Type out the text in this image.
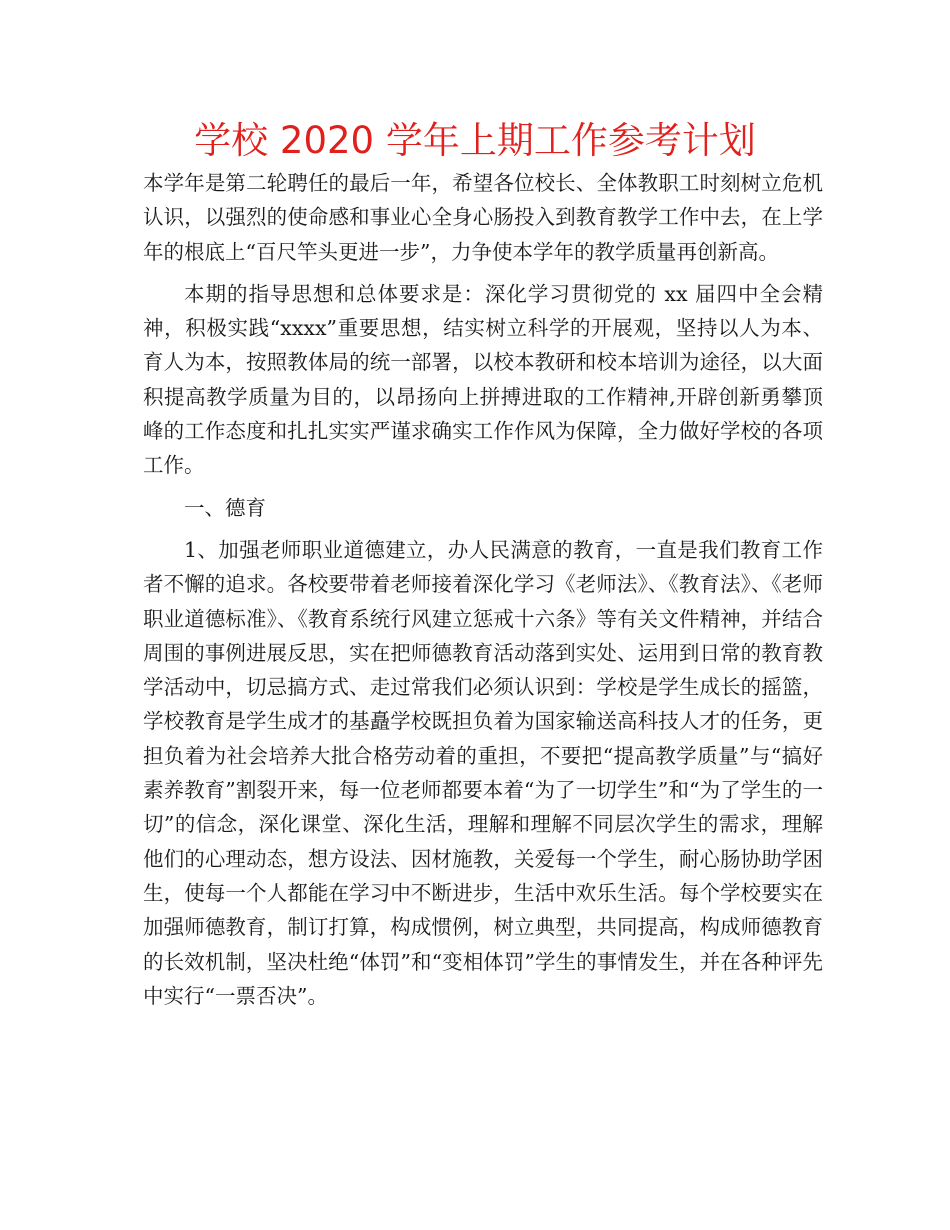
学校 2020 学年上期工作参考计划

本学年是第二轮聘任的最后一年，希望各位校长、全体教职工时刻树立危机认识，以强烈的使命感和事业心全身心肠投入到教育教学工作中去，在上学年的根底上“百尺竿头更进一步”，力争使本学年的教学质量再创新高。

本期的指导思想和总体要求是：深化学习贯彻党的 xx 届四中全会精神，积极实践“xxxx”重要思想，结实树立科学的开展观，坚持以人为本、育人为本，按照教体局的统一部署，以校本教研和校本培训为途径，以大面积提高教学质量为目的，以昂扬向上拼搏进取的工作精神,开辟创新勇攀顶峰的工作态度和扎扎实实严谨求确实工作作风为保障，全力做好学校的各项工作。

一、德育

1、加强老师职业道德建立，办人民满意的教育，一直是我们教育工作者不懈的追求。各校要带着老师接着深化学习《老师法》、《教育法》、《老师职业道德标准》、《教育系统行风建立惩戒十六条》等有关文件精神，并结合周围的事例进展反思，实在把师德教育活动落到实处、运用到日常的教育教学活动中，切忌搞方式、走过常我们必须认识到：学校是学生成长的摇篮，学校教育是学生成才的基矗学校既担负着为国家输送高科技人才的任务，更担负着为社会培养大批合格劳动着的重担，不要把“提高教学质量”与“搞好素养教育”割裂开来，每一位老师都要本着“为了一切学生”和“为了学生的一切”的信念，深化课堂、深化生活，理解和理解不同层次学生的需求，理解他们的心理动态，想方设法、因材施教，关爱每一个学生，耐心肠协助学困生，使每一个人都能在学习中不断进步，生活中欢乐生活。每个学校要实在加强师德教育，制订打算，构成惯例，树立典型，共同提高，构成师德教育的长效机制，坚决杜绝“体罚”和“变相体罚”学生的事情发生，并在各种评先中实行“一票否决”。
